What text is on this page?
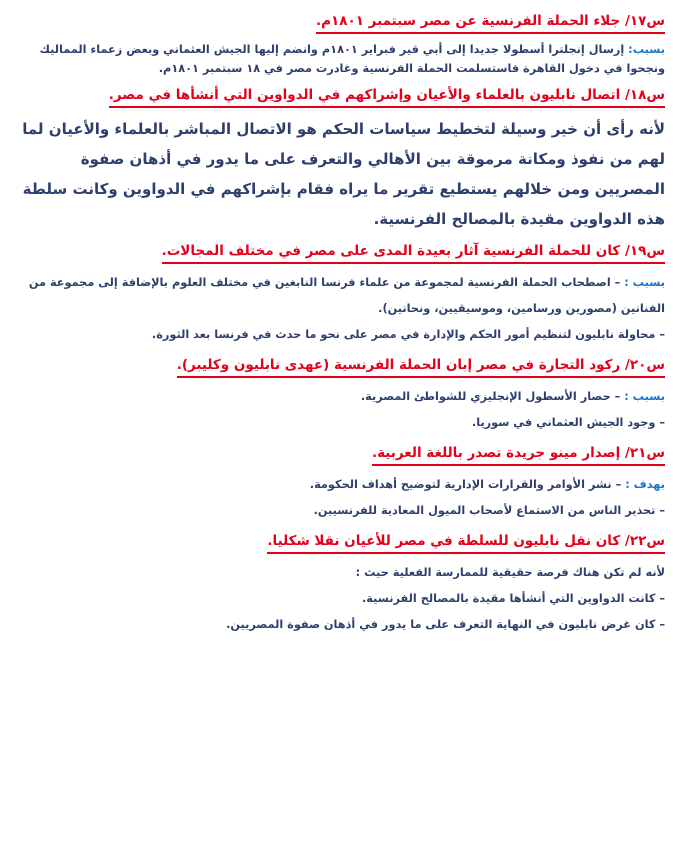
س١٧/ جلاء الحملة الفرنسية عن مصر سبتمبر ١٨٠١م.

بسبب: إرسال إنجلترا أسطولا جديدا إلى أبي قير فبراير ١٨٠١م وانضم إليها الجيش العثماني وبعض زعماء المماليك ونجحوا في دخول القاهرة فاستسلمت الحملة الفرنسية وغادرت مصر في ١٨ سبتمبر ١٨٠١م.

س١٨/ اتصال نابليون بالعلماء والأعيان وإشراكهم في الدواوين التي أنشأها في مصر.

لأنه رأى أن خير وسيلة لتخطيط سياسات الحكم هو الاتصال المباشر بالعلماء والأعيان لما لهم من نفوذ ومكانة مرموقة بين الأهالي والتعرف على ما يدور في أذهان صفوة المصريين ومن خلالهم يستطيع تقرير ما يراه فقام بإشراكهم في الدواوين وكانت سلطة هذه الدواوين مقيدة بالمصالح الفرنسية.

س١٩/ كان للحملة الفرنسية آثار بعيدة المدى على مصر في مختلف المجالات.

بسبب : – اصطحاب الحملة الفرنسية لمجموعة من علماء فرنسا النابغين في مختلف العلوم بالإضافة إلى مجموعة من الفنانين (مصورين ورسامين، وموسيقيين، ونحاتين).

– محاولة نابليون لتنظيم أمور الحكم والإدارة في مصر على نحو ما حدث في فرنسا بعد الثورة.

س٢٠/ ركود التجارة في مصر إبان الحملة الفرنسية (عهدى نابليون وكليبر).

بسبب : – حصار الأسطول الإنجليزي للشواطئ المصرية.

– وجود الجيش العثماني في سوريا.

س٢١/ إصدار مينو جريدة تصدر باللغة العربية.

بهدف : – نشر الأوامر والقرارات الإدارية لتوضيح أهداف الحكومة.

– تحذير الناس من الاستماع لأصحاب الميول المعادية للفرنسيين.

س٢٢/ كان نقل نابليون للسلطة في مصر للأعيان نقلا شكليا.

لأنه لم تكن هناك فرصة حقيقية للممارسة الفعلية حيث :

– كانت الدواوين التي أنشأها مقيدة بالمصالح الفرنسية.

– كان غرض نابليون في النهاية التعرف على ما يدور في أذهان صفوة المصريين.
